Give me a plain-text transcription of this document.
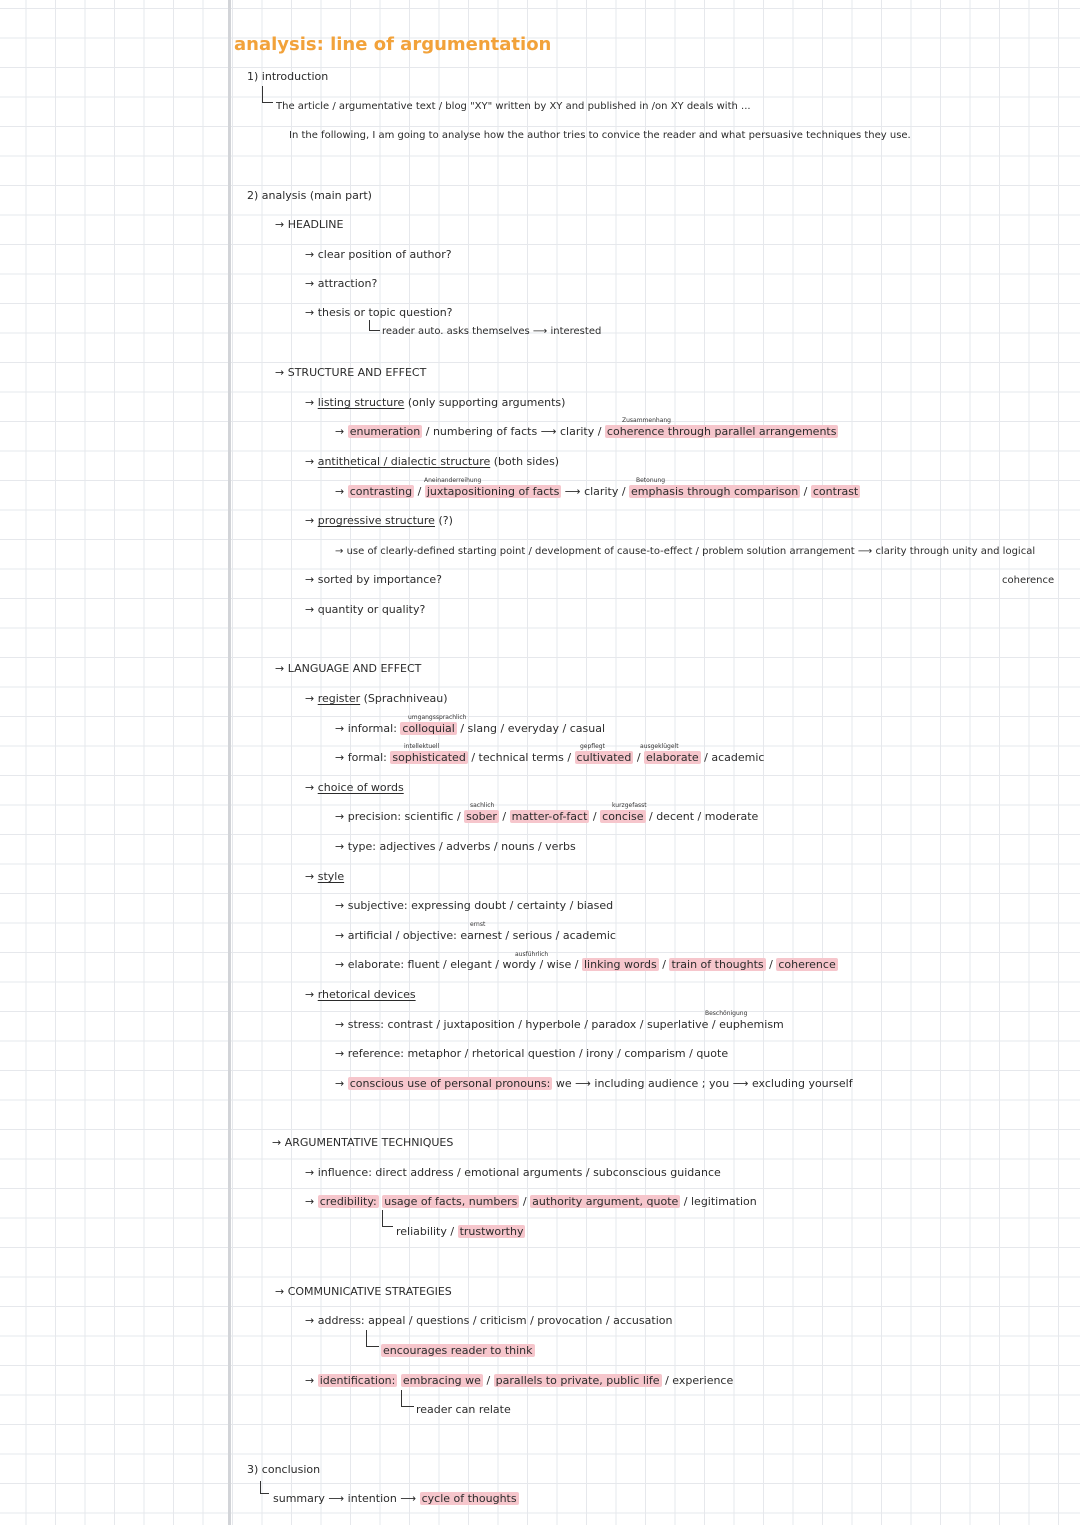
analysis: line of argumentation
1) introduction
The article / argumentative text / blog "XY" written by XY and published in /on XY deals with ...
In the following, I am going to analyse how the author tries to convice the reader and what persuasive techniques they use.
2) analysis (main part)
→ HEADLINE
→ clear position of author?
→ attraction?
→ thesis or topic question?
reader auto. asks themselves ⟶ interested
→ STRUCTURE AND EFFECT
→ listing structure (only supporting arguments)
Zusammenhang
→ enumeration / numbering of facts ⟶ clarity / coherence through parallel arrangements
→ antithetical / dialectic structure (both sides)
Aneinanderreihung	Betonung
→ contrasting / juxtapositioning of facts ⟶ clarity / emphasis through comparison / contrast
→ progressive structure (?)
→ use of clearly-defined starting point / development of cause-to-effect / problem solution arrangement ⟶ clarity through unity and logical
coherence
→ sorted by importance?
→ quantity or quality?
→ LANGUAGE AND EFFECT
→ register (Sprachniveau)
umgangssprachlich
→ informal: colloquial / slang / everyday / casual
intellektuell	gepflegt	ausgeklügelt
→ formal: sophisticated / technical terms / cultivated / elaborate / academic
→ choice of words
sachlich	kurzgefasst
→ precision: scientific / sober / matter-of-fact / concise / decent / moderate
→ type: adjectives / adverbs / nouns / verbs
→ style
→ subjective: expressing doubt / certainty / biased
ernst
→ artificial / objective: earnest / serious / academic
ausführlich
→ elaborate: fluent / elegant / wordy / wise / linking words / train of thoughts / coherence
→ rhetorical devices
Beschönigung
→ stress: contrast / juxtaposition / hyperbole / paradox / superlative / euphemism
→ reference: metaphor / rhetorical question / irony / comparism / quote
→ conscious use of personal pronouns: we ⟶ including audience ; you ⟶ excluding yourself
→ ARGUMENTATIVE TECHNIQUES
→ influence: direct address / emotional arguments / subconscious guidance
→ credibility: usage of facts, numbers / authority argument, quote / legitimation
reliability / trustworthy
→ COMMUNICATIVE STRATEGIES
→ address: appeal / questions / criticism / provocation / accusation
encourages reader to think
→ identification: embracing we / parallels to private, public life / experience
reader can relate
3) conclusion
summary ⟶ intention ⟶ cycle of thoughts
